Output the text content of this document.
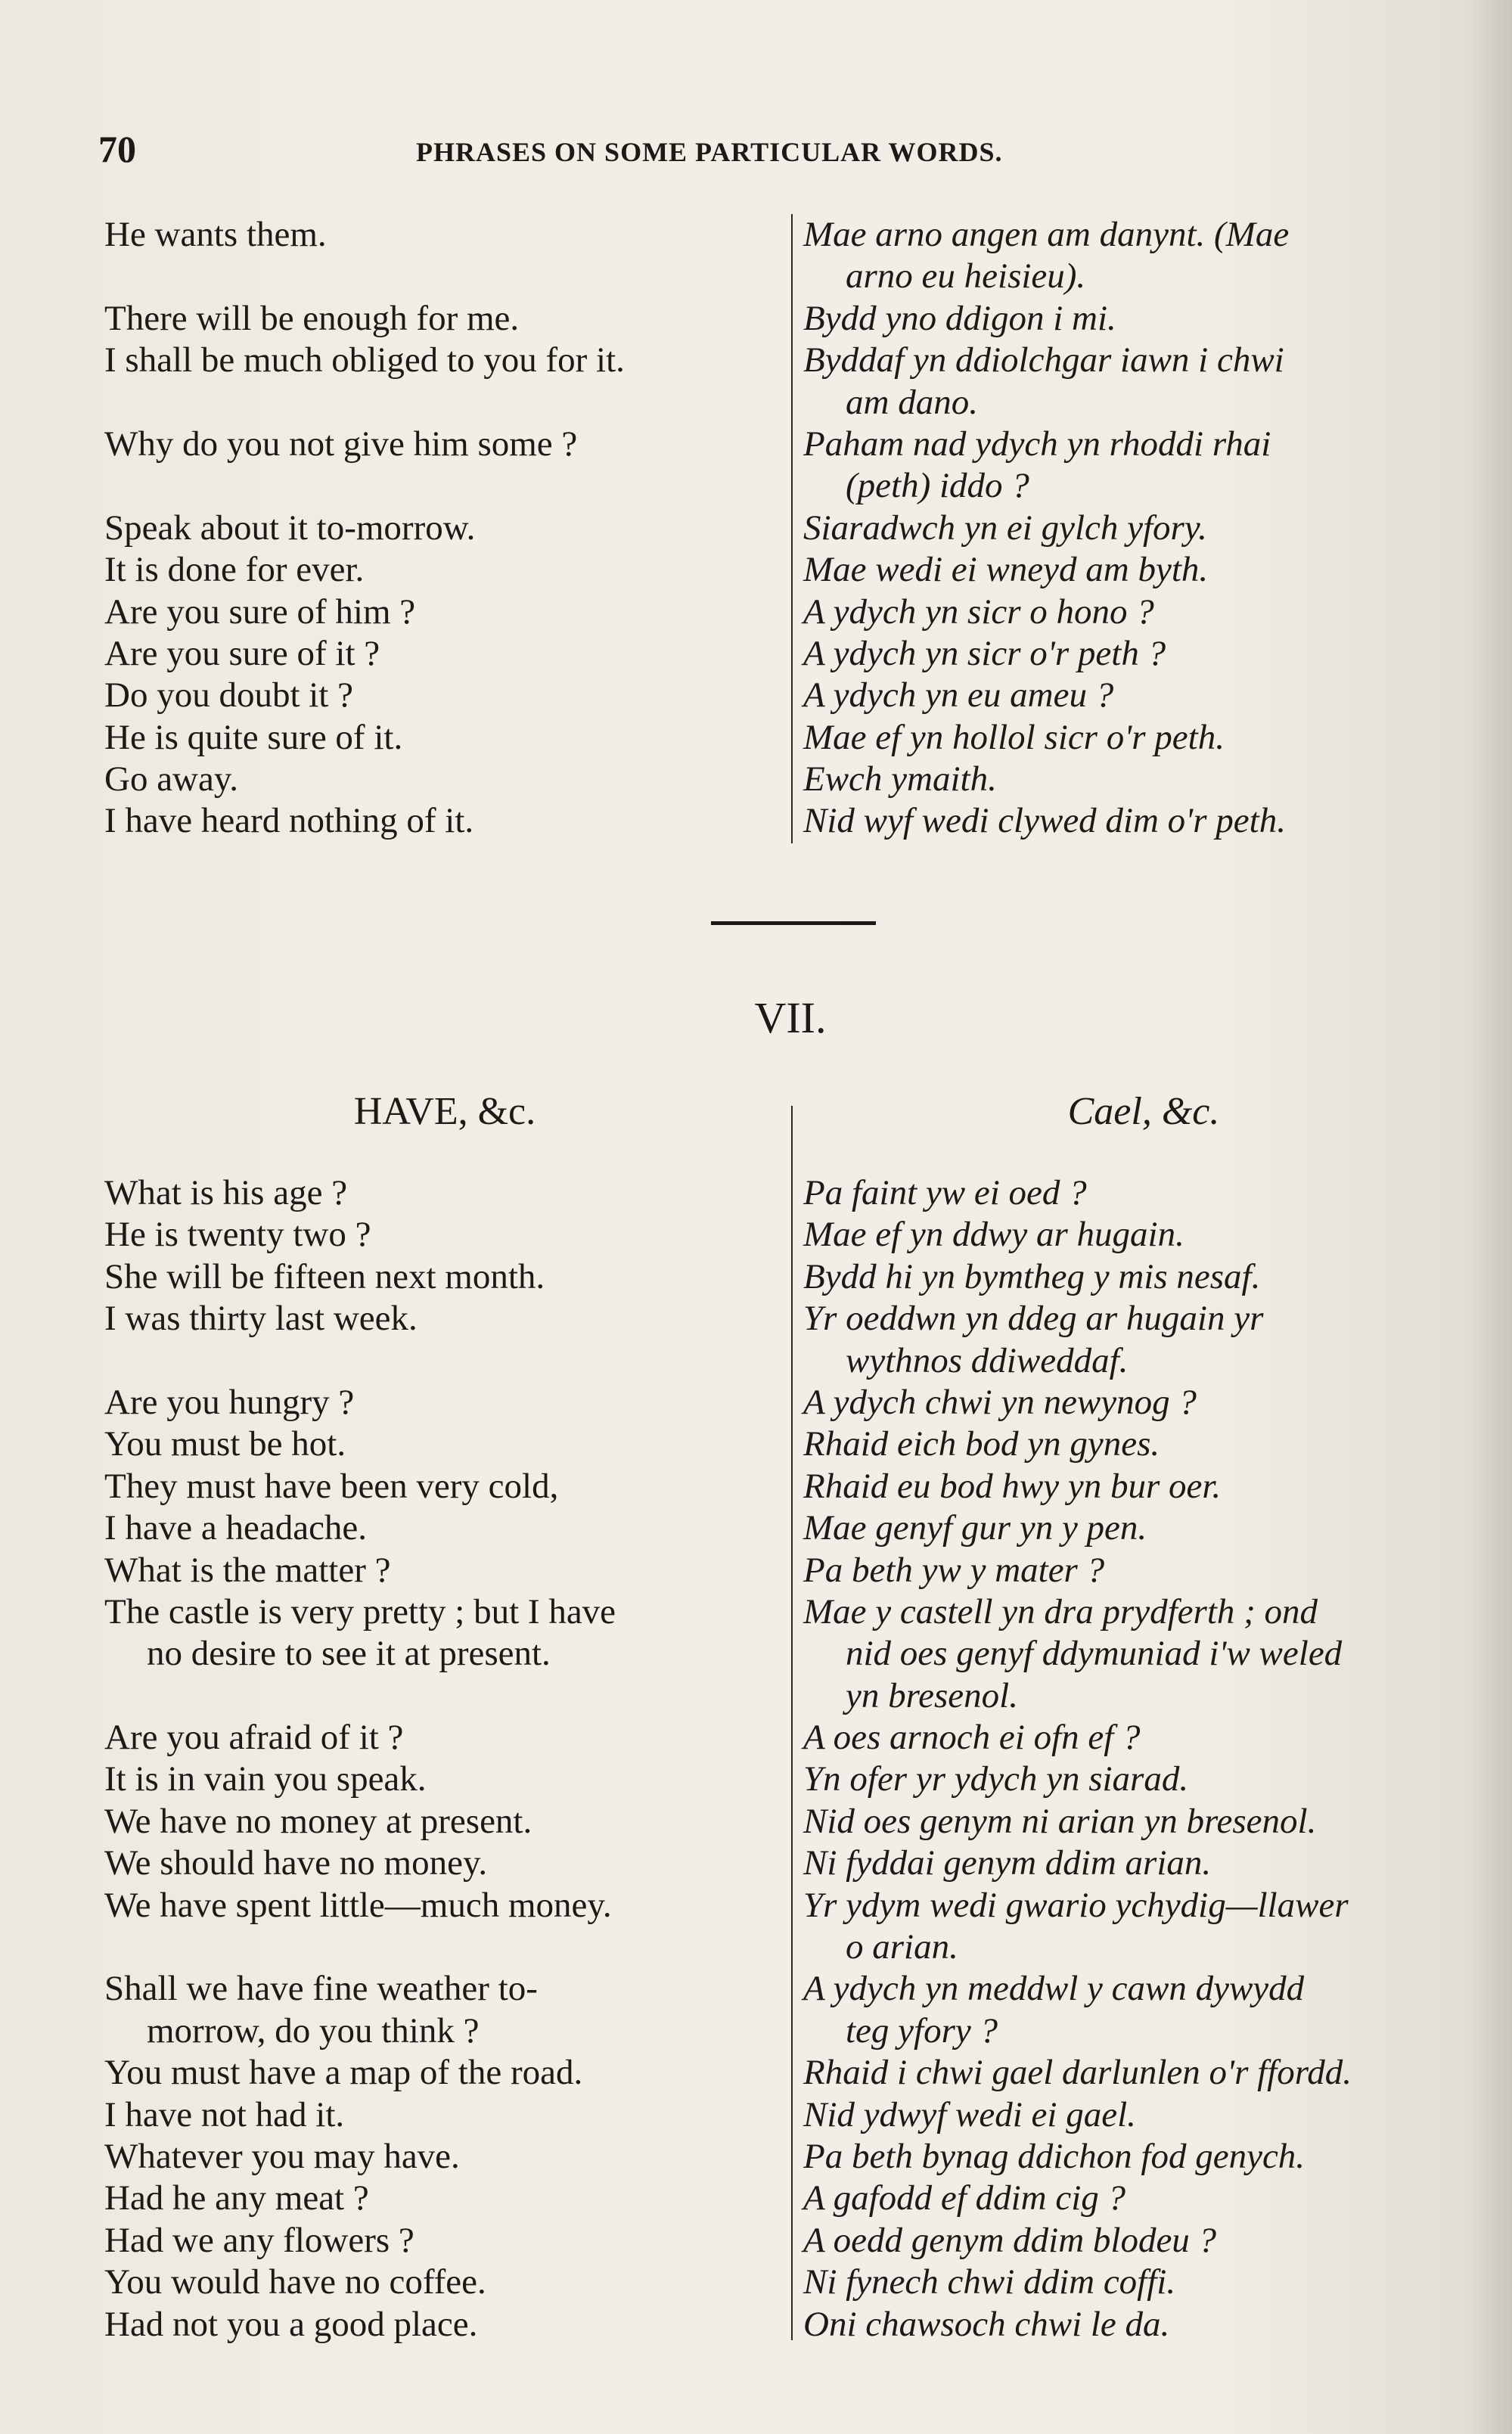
70	PHRASES ON SOME PARTICULAR WORDS.
He wants them.
There will be enough for me.
I shall be much obliged to you for it.
Why do you not give him some ?
Speak about it to-morrow.
It is done for ever.
Are you sure of him ?
Are you sure of it ?
Do you doubt it ?
He is quite sure of it.
Go away.
I have heard nothing of it.
Mae arno angen am danynt. (Mae
arno eu heisieu).
Bydd yno ddigon i mi.
Byddaf yn ddiolchgar iawn i chwi
am dano.
Paham nad ydych yn rhoddi rhai
(peth) iddo ?
Siaradwch yn ei gylch yfory.
Mae wedi ei wneyd am byth.
A ydych yn sicr o hono ?
A ydych yn sicr o'r peth ?
A ydych yn eu ameu ?
Mae ef yn hollol sicr o'r peth.
Ewch ymaith.
Nid wyf wedi clywed dim o'r peth.
VII.
HAVE, &c.	Cael, &c.
What is his age ?
He is twenty two ?
She will be fifteen next month.
I was thirty last week.
Are you hungry ?
You must be hot.
They must have been very cold,
I have a headache.
What is the matter ?
The castle is very pretty ; but I have
no desire to see it at present.
Are you afraid of it ?
It is in vain you speak.
We have no money at present.
We should have no money.
We have spent little—much money.
Shall we have fine weather to-
morrow, do you think ?
You must have a map of the road.
I have not had it.
Whatever you may have.
Had he any meat ?
Had we any flowers ?
You would have no coffee.
Had not you a good place.
Pa faint yw ei oed ?
Mae ef yn ddwy ar hugain.
Bydd hi yn bymtheg y mis nesaf.
Yr oeddwn yn ddeg ar hugain yr
wythnos ddiweddaf.
A ydych chwi yn newynog ?
Rhaid eich bod yn gynes.
Rhaid eu bod hwy yn bur oer.
Mae genyf gur yn y pen.
Pa beth yw y mater ?
Mae y castell yn dra prydferth ; ond
nid oes genyf ddymuniad i'w weled
yn bresenol.
A oes arnoch ei ofn ef ?
Yn ofer yr ydych yn siarad.
Nid oes genym ni arian yn bresenol.
Ni fyddai genym ddim arian.
Yr ydym wedi gwario ychydig—llawer
o arian.
A ydych yn meddwl y cawn dywydd
teg yfory ?
Rhaid i chwi gael darlunlen o'r ffordd.
Nid ydwyf wedi ei gael.
Pa beth bynag ddichon fod genych.
A gafodd ef ddim cig ?
A oedd genym ddim blodeu ?
Ni fynech chwi ddim coffi.
Oni chawsoch chwi le da.
